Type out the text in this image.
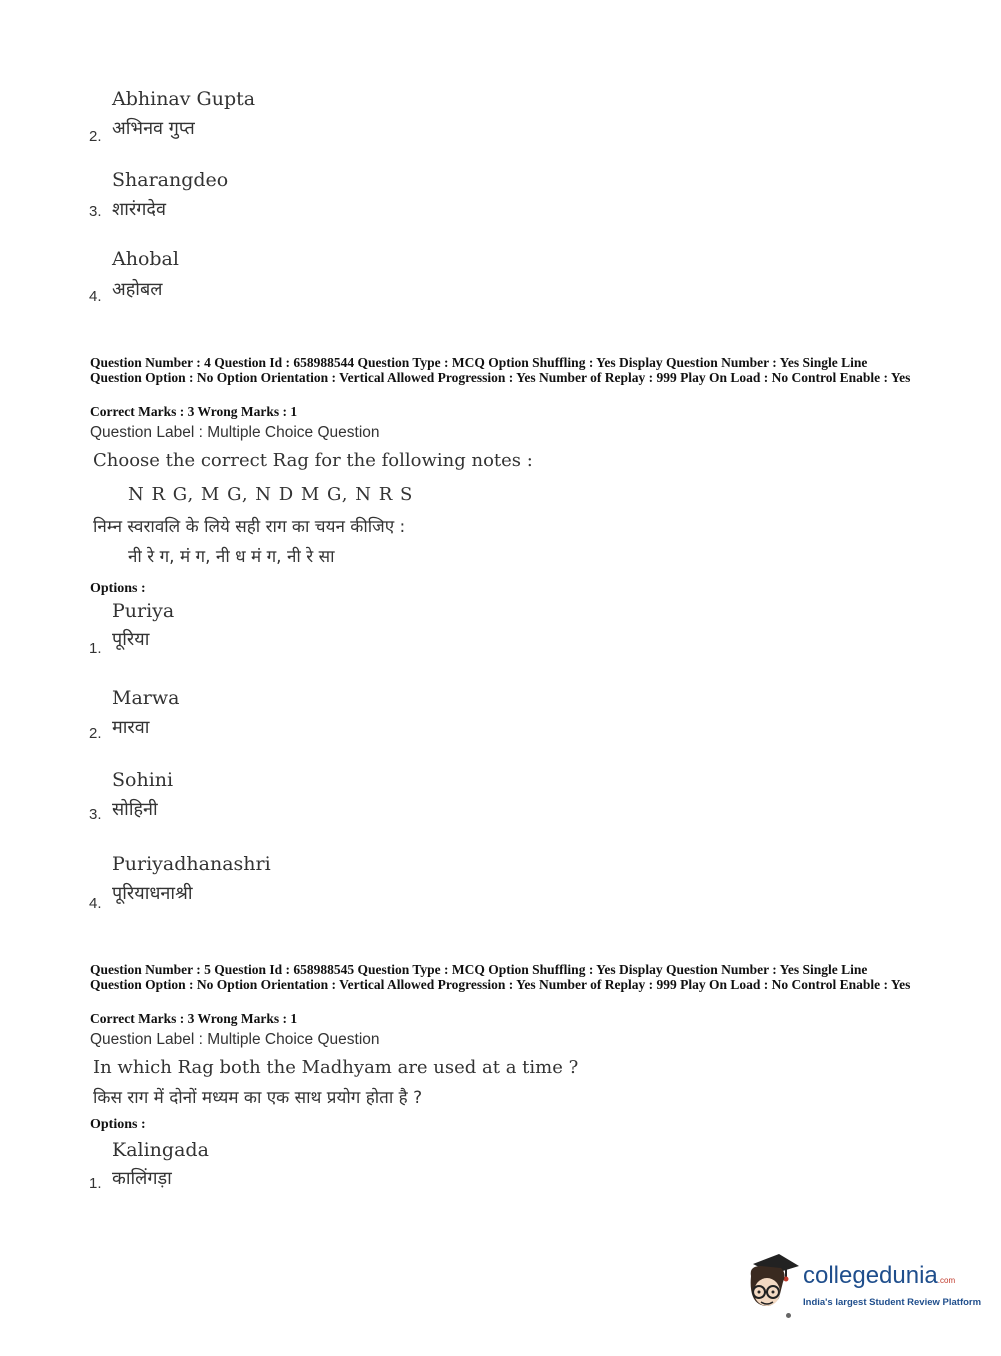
Abhinav Gupta
अभिनव गुप्त
2.
Sharangdeo
शारंगदेव
3.
Ahobal
अहोबल
4.
Question Number : 4 Question Id : 658988544 Question Type : MCQ Option Shuffling : Yes Display Question Number : Yes Single Line Question Option : No Option Orientation : Vertical Allowed Progression : Yes Number of Replay : 999 Play On Load : No Control Enable : Yes
Correct Marks : 3 Wrong Marks : 1
Question Label : Multiple Choice Question
Choose the correct Rag for the following notes :
N R G, M G, N D M G, N R S
निम्न स्वरावलि के लिये सही राग का चयन कीजिए :
नी रे ग, मं ग, नी ध मं ग, नी रे सा
Options :
Puriya
पूरिया
1.
Marwa
मारवा
2.
Sohini
सोहिनी
3.
Puriyadhanashri
पूरियाधनाश्री
4.
Question Number : 5 Question Id : 658988545 Question Type : MCQ Option Shuffling : Yes Display Question Number : Yes Single Line Question Option : No Option Orientation : Vertical Allowed Progression : Yes Number of Replay : 999 Play On Load : No Control Enable : Yes
Correct Marks : 3 Wrong Marks : 1
Question Label : Multiple Choice Question
In which Rag both the Madhyam are used at a time ?
किस राग में दोनों मध्यम का एक साथ प्रयोग होता है ?
Options :
Kalingada
कालिंगड़ा
1.
collegedunia.com
India's largest Student Review Platform
